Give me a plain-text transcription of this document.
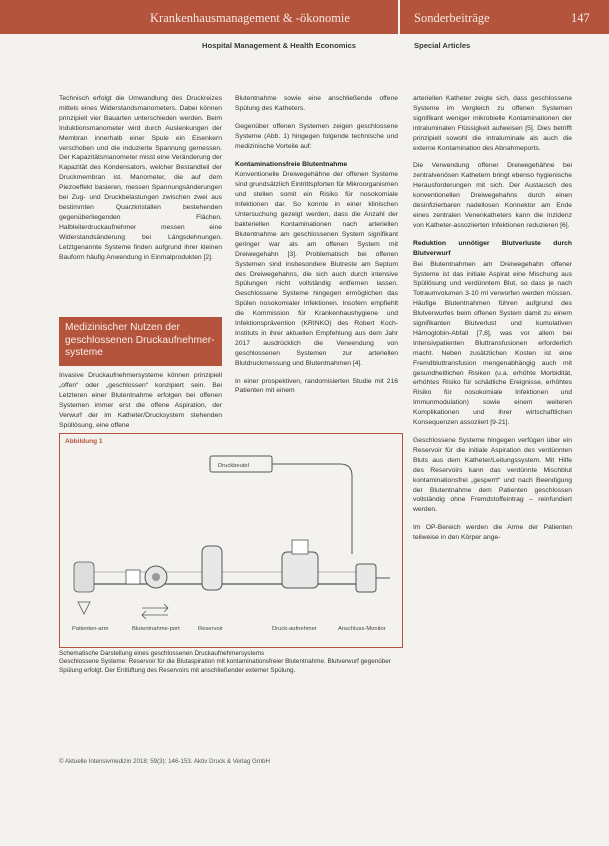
Krankenhausmanagement & -ökonomie	Sonderbeiträge	147
Hospital Management & Health Economics	Special Articles

Technisch erfolgt die Umwandlung des Druckreizes mittels eines Widerstandsmanometers. Dabei können prinzipiell vier Bauarten unterschieden werden. Beim Induktionsmanometer wird durch Auslenkungen der Membran innerhalb einer Spule ein Eisenkern verschoben und die induzierte Spannung gemessen. Der Kapazitätsmanometer misst eine Veränderung der Kapazität des Kondensators, welcher Bestandteil der Druckmembran ist. Manometer, die auf dem Piezoeffekt basieren, messen Spannungsänderungen bei Zug- und Druckbelastungen zwischen zwei aus bestimmten Quarzkristallen bestehenden gegenüberliegenden Flächen. Halbleiterdruckaufnehmer messen eine Widerstandsänderung bei Längsdehnungen. Letztgenannte Systeme finden aufgrund ihrer kleinen Bauform häufig Anwendung in Einmalprodukten [2].

Medizinischer Nutzen der geschlossenen Druckaufnehmer-systeme

Invasive Druckaufnehmersysteme können prinzipiell „offen“ oder „geschlossen“ konzipiert sein. Bei Letzteren einer Blutentnahme erfolgen bei offenen Systemen immer erst die offene Aspiration, der Verwurf der im Katheter/Drucksystem stehenden Spüllösung, eine offene

Blutentnahme sowie eine anschließende offene Spülung des Katheters.

Gegenüber offenen Systemen zeigen geschlossene Systeme (Abb. 1) hingegen folgende technische und medizinische Vorteile auf:

Kontaminationsfreie Blutentnahme

Konventionelle Dreiwegehähne der offenen Systeme sind grundsätzlich Eintrittspforten für Mikroorganismen und stellen somit ein Risiko für nosokomiale Infektionen dar. So konnte in einer klinischen Untersuchung gezeigt werden, dass die Anzahl der bakteriellen Kontaminationen nach arteriellen Blutentnahme am geschlossenen System signifikant geringer war als am offenen System mit Dreiwegehahn [3]. Problematisch bei offenen Systemen sind insbesondere Blutreste am Septum des Dreiwegehahns, die sich auch durch intensive Spülungen nicht vollständig entfernen lassen. Geschlossene Systeme hingegen ermöglichen das Spülen nosokomialer Infektionen. Insofern empfiehlt die Kommission für Krankenhaushygiene und Infektionsprävention (KRINKO) des Robert Koch-Instituts in ihrer aktuellen Empfehlung aus dem Jahr 2017 ausdrücklich die Verwendung von geschlossenen Systemen zur arteriellen Blutdruckmessung und Blutentnahmen [4].

In einer prospektiven, randomisierten Studie mit 216 Patienten mit einem

arteriellen Katheter zeigte sich, dass geschlossene Systeme im Vergleich zu offenen Systemen signifikant weniger mikrobielle Kontaminationen der intraluminalen Flüssigkeit aufweisen [5]. Dies betrifft prinzipiell sowohl die intraluminale als auch die externe Kontamination des Abnahmeports.

Die Verwendung offener Dreiwegehähne bei zentralvenösen Kathetern bringt ebenso hygienische Herausforderungen mit sich. Der Austausch des konventionellen Dreiwegehahns durch einen desinfizierbaren nadellosen Konnektor am Ende eines zentralen Venenkatheters kann die Inzidenz von Katheter-assoziierten Infektionen reduzieren [6].

Reduktion unnötiger Blutverluste durch Blutverwurf

Bei Blutentnahmen am Dreiwegehahn offener Systeme ist das initiale Aspirat eine Mischung aus Spüllösung und verdünntem Blut, so dass je nach Totraumvolumen 3-10 ml verworfen werden müssen. Häufige Blutentnahmen führen aufgrund des Blutverwurfes beim offenen System damit zu einem signifikanten Blutverlust und kumulativen Hämoglobin-Abfall [7,8], was vor allem bei Intensivpatienten Bluttransfusionen erforderlich macht. Neben zusätzlichen Kosten ist eine Fremdbluttransfusion mengenabhängig auch mit gesundheitlichen Risiken (u.a. erhöhte Morbidität, erhöhtes Risiko für schädliche Ereignisse, erhöhtes Risiko für nosokomiale Infektionen und Immunmodulation) sowie einem weiteren Komplikationen und ihrer wirtschaftlichen Konsequenzen assoziiert [9-21].

Geschlossene Systeme hingegen verfügen über ein Reservoir für die initiale Aspiration des verdünnten Bluts aus dem Katheter/Leitungssystem. Mit Hilfe des Reservoirs kann das verdünnte Mischblut kontaminationsfrei „gesperrt“ und nach Beendigung der Blutentnahme dem Patienten geschlossen vollständig ohne Fremdstoffeintrag – reinfundiert werden.

Im OP-Bereich werden die Arme der Patienten teilweise in den Körper ange-

Abbildung 1
Druckbeutel
Patienten-arm	Blutentnahme-port	Reservoir	Druck-aufnehmer	Anschluss-Monitor
Schematische Darstellung eines geschlossenen Druckaufnehmersystems
Geschlossene Systeme: Reservoir für die Blutaspiration mit kontaminationsfreier Blutentnahme. Blutverwurf gegenüber Spülung erfolgt. Der Entlüftung des Reservoirs mit anschließender externer Spülung.
© Aktuelle Intensivmedizin 2018; 59(3): 146-153. Aktiv Druck & Verlag GmbH
